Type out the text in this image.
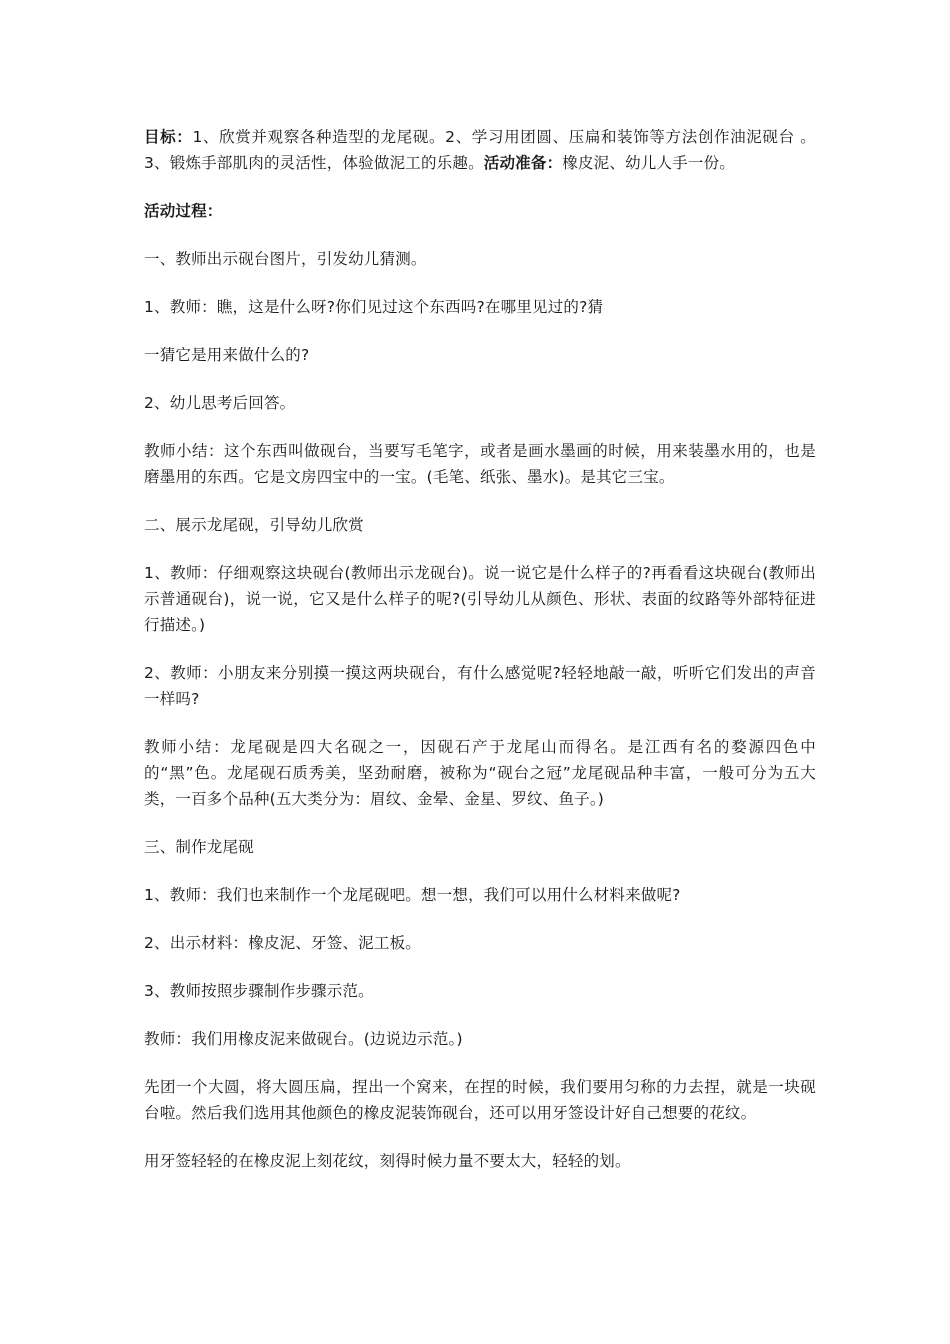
目标：1、欣赏并观察各种造型的龙尾砚。2、学习用团圆、压扁和装饰等方法创作油泥砚台 。3、锻炼手部肌肉的灵活性，体验做泥工的乐趣。活动准备：橡皮泥、幼儿人手一份。

活动过程：

一、教师出示砚台图片，引发幼儿猜测。

1、教师：瞧，这是什么呀?你们见过这个东西吗?在哪里见过的?猜

一猜它是用来做什么的?

2、幼儿思考后回答。

教师小结：这个东西叫做砚台，当要写毛笔字，或者是画水墨画的时候，用来装墨水用的，也是磨墨用的东西。它是文房四宝中的一宝。(毛笔、纸张、墨水)。是其它三宝。

二、展示龙尾砚，引导幼儿欣赏

1、教师：仔细观察这块砚台(教师出示龙砚台)。说一说它是什么样子的?再看看这块砚台(教师出示普通砚台)，说一说，它又是什么样子的呢?(引导幼儿从颜色、形状、表面的纹路等外部特征进行描述。)

2、教师：小朋友来分别摸一摸这两块砚台，有什么感觉呢?轻轻地敲一敲，听听它们发出的声音一样吗?

教师小结：龙尾砚是四大名砚之一，因砚石产于龙尾山而得名。是江西有名的婺源四色中的“黑”色。龙尾砚石质秀美，坚劲耐磨，被称为“砚台之冠”龙尾砚品种丰富，一般可分为五大类，一百多个品种(五大类分为：眉纹、金晕、金星、罗纹、鱼子。)

三、制作龙尾砚

1、教师：我们也来制作一个龙尾砚吧。想一想，我们可以用什么材料来做呢?

2、出示材料：橡皮泥、牙签、泥工板。

3、教师按照步骤制作步骤示范。

教师：我们用橡皮泥来做砚台。(边说边示范。)

先团一个大圆，将大圆压扁，捏出一个窝来，在捏的时候，我们要用匀称的力去捏，就是一块砚台啦。然后我们选用其他颜色的橡皮泥装饰砚台，还可以用牙签设计好自己想要的花纹。

用牙签轻轻的在橡皮泥上刻花纹，刻得时候力量不要太大，轻轻的划。
